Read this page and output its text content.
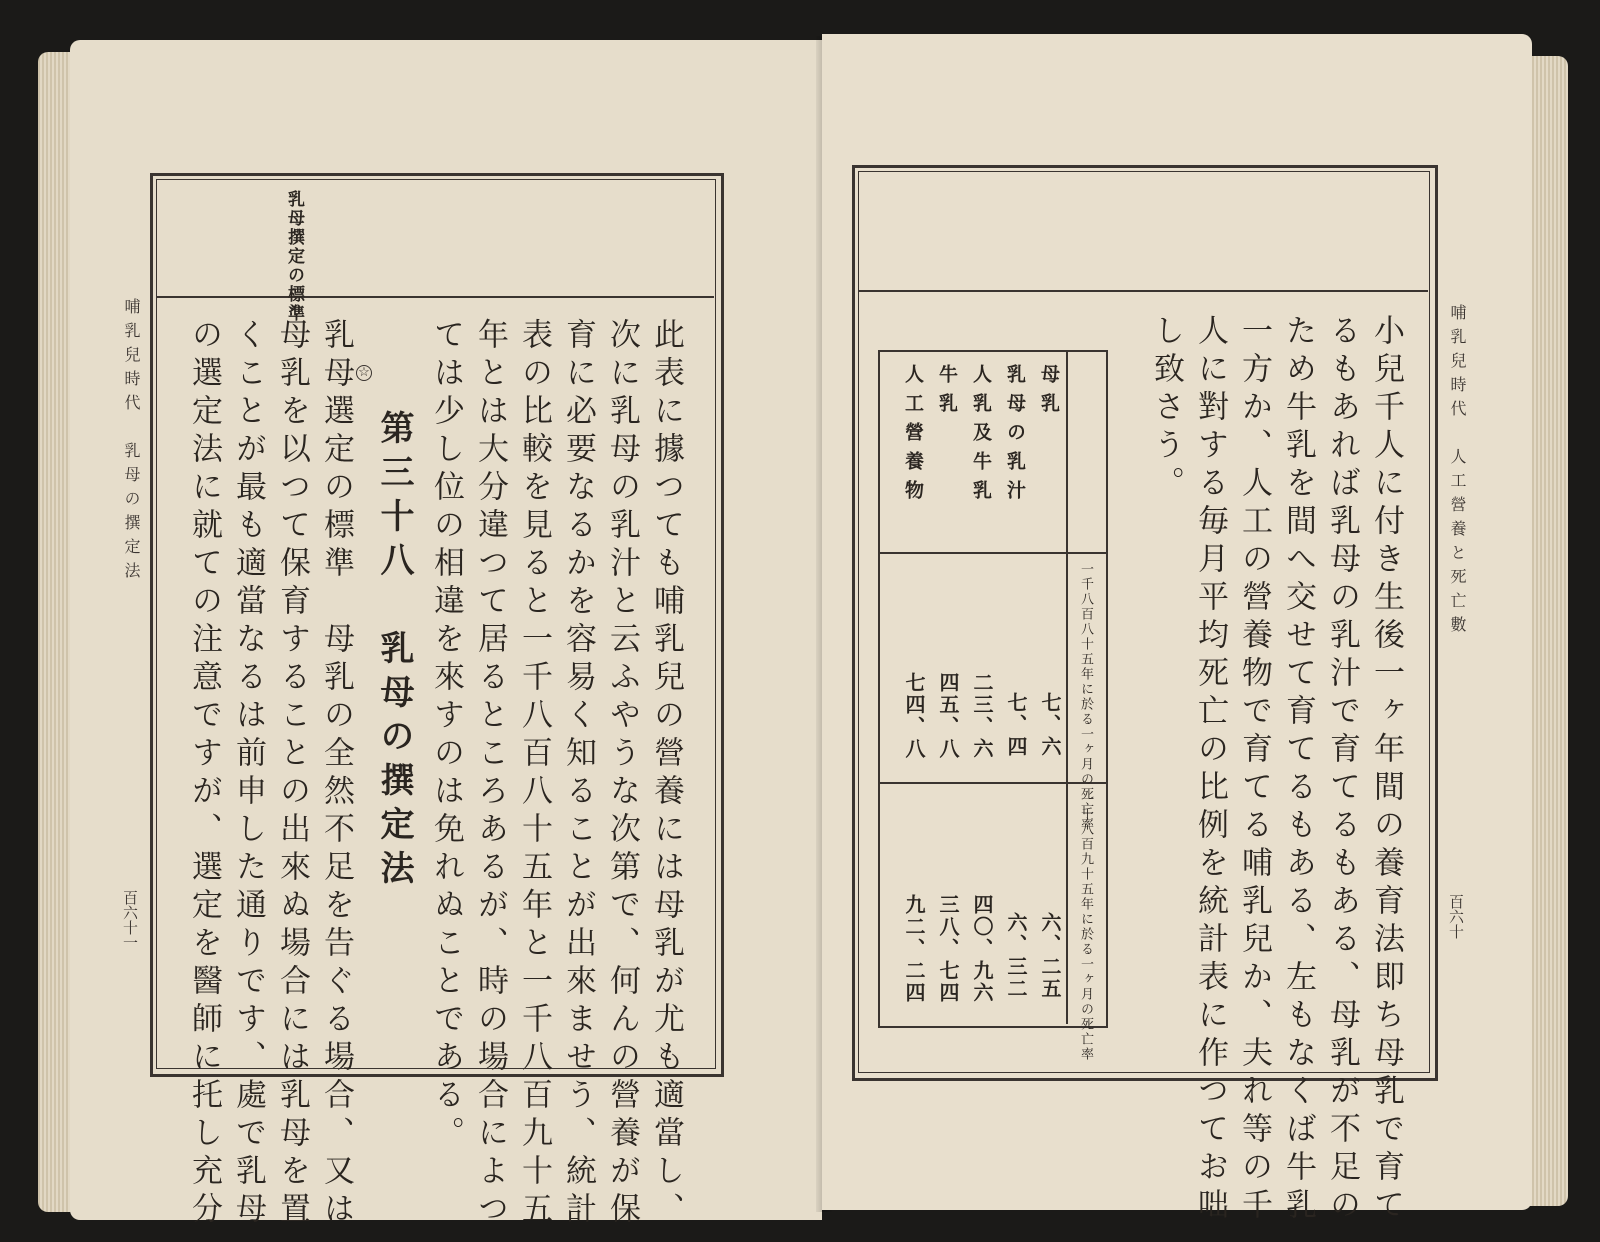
哺乳兒時代　乳母の撰定法
百六十一
乳母撰定の標準
第三十八　乳母の撰定法
☆	此表に據つても哺乳兒の營養には母乳が尤も適當し、
次に乳母の乳汁と云ふやうな次第で、何んの營養が保
育に必要なるかを容易く知ることが出來ませう、統計
表の比較を見ると一千八百八十五年と一千八百九十五
年とは大分違つて居るところあるが、時の場合によつ
ては少し位の相違を來すのは免れぬことである。
乳母選定の標準　母乳の全然不足を告ぐる場合、又は
母乳を以つて保育することの出來ぬ場合には乳母を置
くことが最も適當なるは前申した通りです、處で乳母
の選定法に就ての注意ですが、選定を醫師に托し充分	哺乳兒時代　人工營養と死亡數
百六十
小兒千人に付き生後一ヶ年間の養育法即ち母乳で育て
るもあれば乳母の乳汁で育てるもある、母乳が不足の
ため牛乳を間へ交せて育てるもある、左もなくば牛乳
一方か、人工の營養物で育てる哺乳兒か、夫れ等の千
人に對する毎月平均死亡の比例を統計表に作つてお咄
し致さう。
一千八百八十五年に於る一ヶ月の死亡率
一千八百九十五年に於る一ヶ月の死亡率
母乳
乳母の乳汁
人乳及牛乳
牛乳
人工營養物
七、六
七、四
二三、六
四五、八
七四、八
六、二五
六、三二
四〇、九六
三八、七四
九二、二四
